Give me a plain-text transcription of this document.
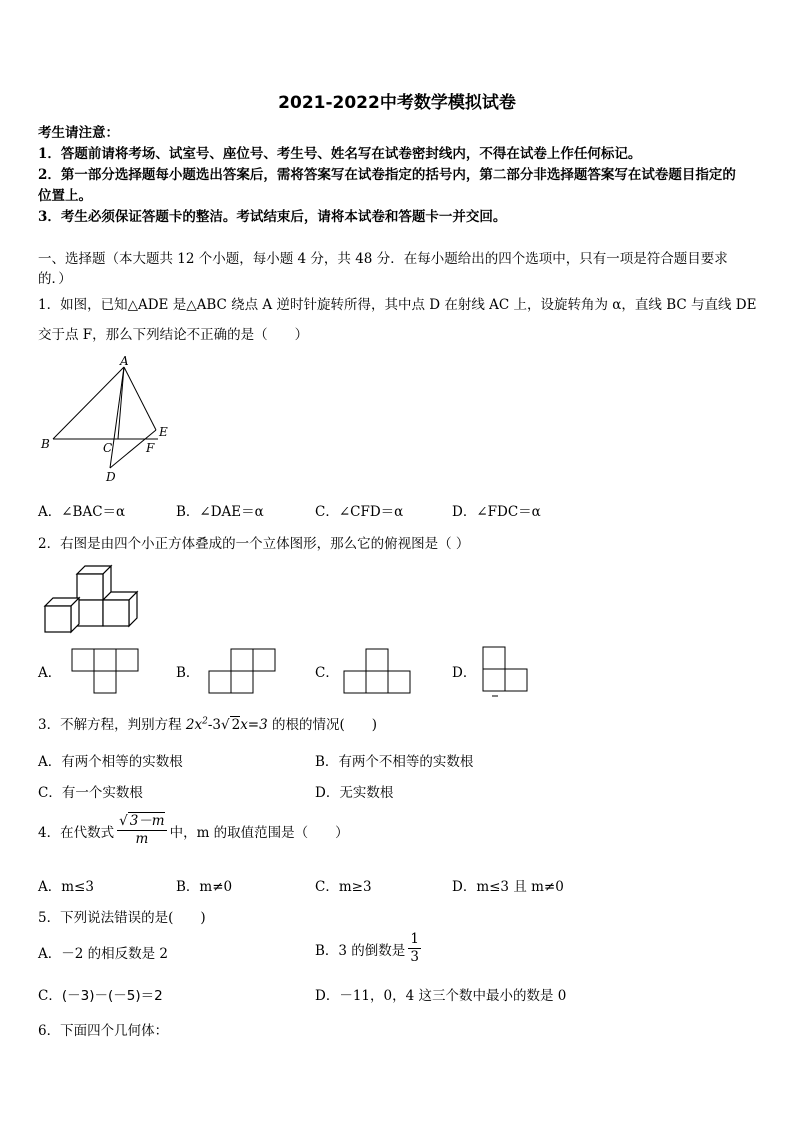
2021-2022中考数学模拟试卷
考生请注意：
1．答题前请将考场、试室号、座位号、考生号、姓名写在试卷密封线内，不得在试卷上作任何标记。
2．第一部分选择题每小题选出答案后，需将答案写在试卷指定的括号内，第二部分非选择题答案写在试卷题目指定的
位置上。
3．考生必须保证答题卡的整洁。考试结束后，请将本试卷和答题卡一并交回。
一、选择题（本大题共 12 个小题，每小题 4 分，共 48 分．在每小题给出的四个选项中，只有一项是符合题目要求
的．）
1．如图，已知△ADE 是△ABC 绕点 A 逆时针旋转所得，其中点 D 在射线 AC 上，设旋转角为 α，直线 BC 与直线 DE
交于点 F，那么下列结论不正确的是（　　）
A
B	C
D
E
F
A．∠BAC＝α	B．∠DAE＝α	C．∠CFD＝α	D．∠FDC＝α
2．右图是由四个小正方体叠成的一个立体图形，那么它的俯视图是（ ）
A．	B．	C．	D．
3．不解方程，判别方程 $2x^2-3√$ 2x=3 的根的情况(　　)
A．有两个相等的实数根	B．有两个不相等的实数根
C．有一个实数根	D．无实数根
4．在代数式 $\frac{√ 3-m}{m}$ 中，m 的取值范围是（　　）
A．m≤3	B．m≠0	C．m≥3	D．m≤3 且 m≠0
5．下列说法错误的是(　　)
A．－2 的相反数是 2	B．3 的倒数是 $\frac{1}{3}$
C．(－3)－(－5)＝2	D．－11，0，4 这三个数中最小的数是 0
6．下面四个几何体：
